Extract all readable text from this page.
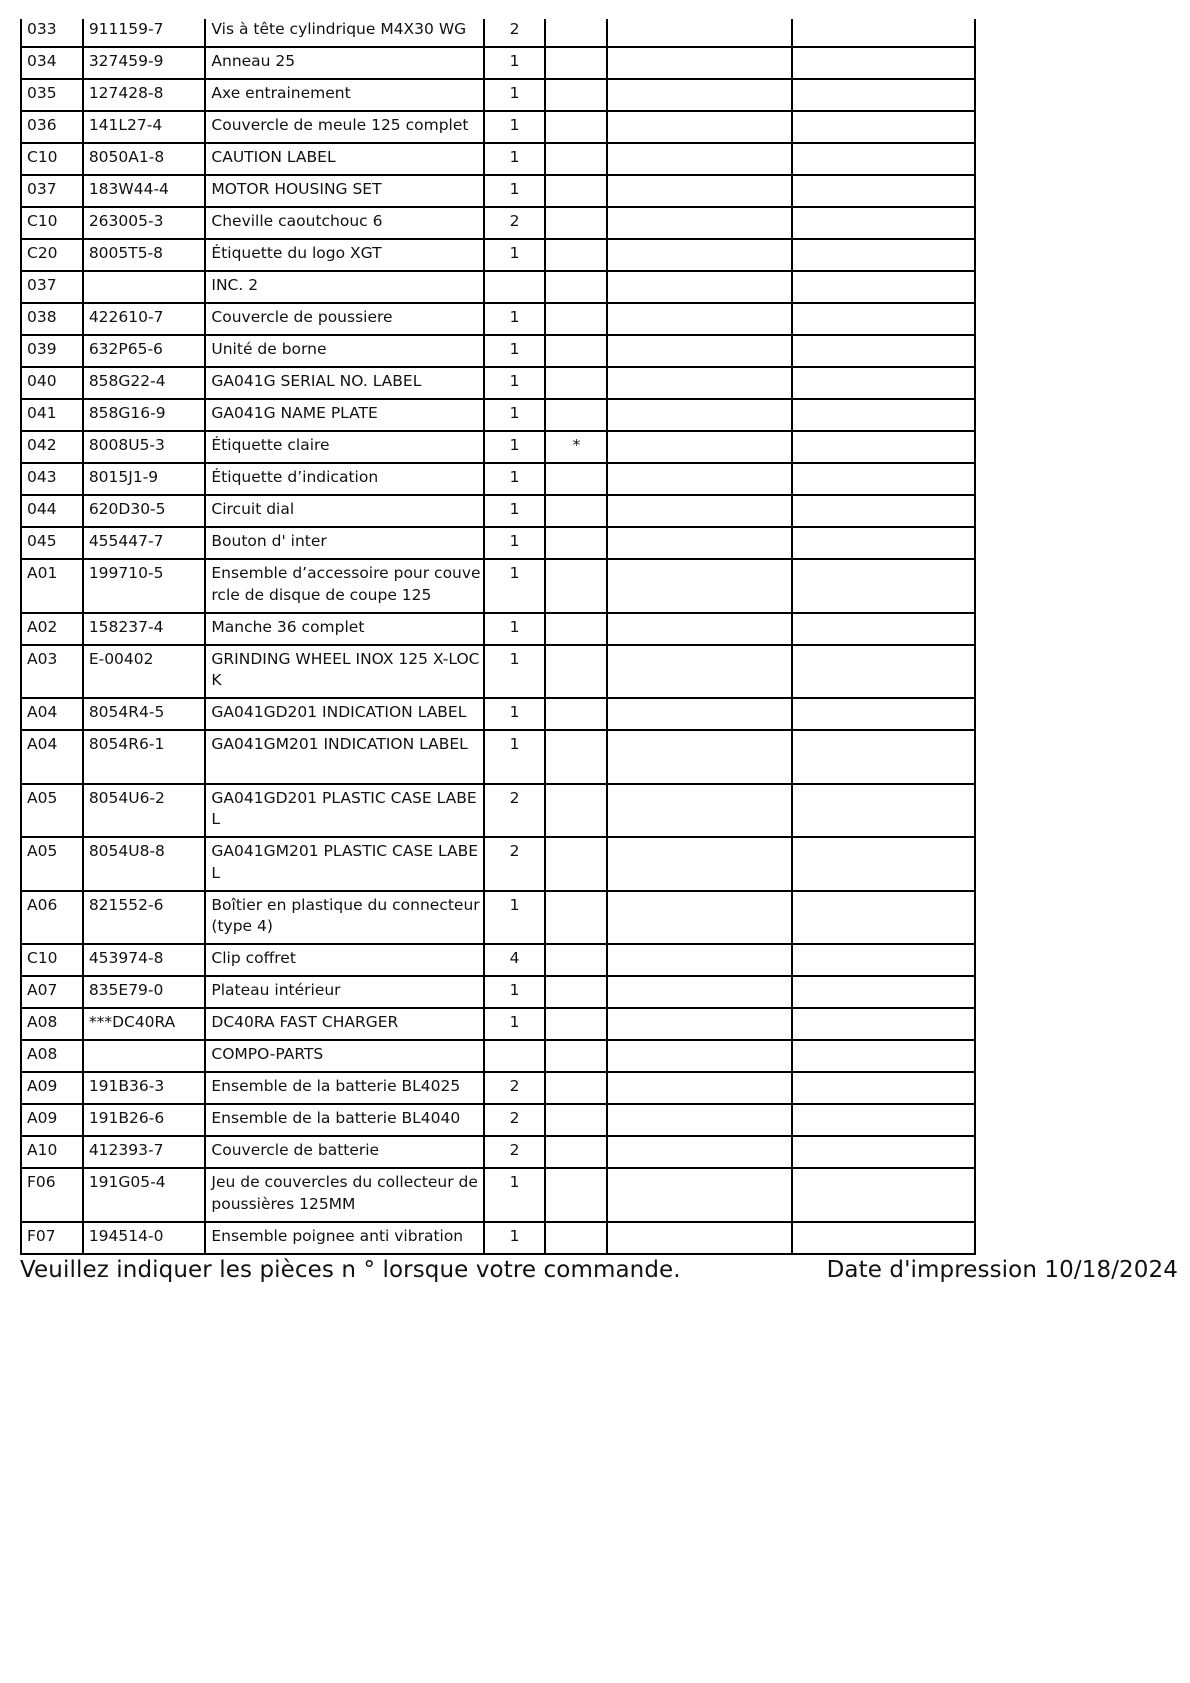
033	911159-7	Vis à tête cylindrique M4X30 WG	2			
034	327459-9	Anneau 25	1			
035	127428-8	Axe entrainement	1			
036	141L27-4	Couvercle de meule 125 complet	1			
C10	8050A1-8	CAUTION LABEL	1			
037	183W44-4	MOTOR HOUSING SET	1			
C10	263005-3	Cheville caoutchouc 6	2			
C20	8005T5-8	Étiquette du logo XGT	1			
037		INC. 2				
038	422610-7	Couvercle de poussiere	1			
039	632P65-6	Unité de borne	1			
040	858G22-4	GA041G SERIAL NO. LABEL	1			
041	858G16-9	GA041G NAME PLATE	1			
042	8008U5-3	Étiquette claire	1	*		
043	8015J1-9	Étiquette d’indication	1			
044	620D30-5	Circuit dial	1			
045	455447-7	Bouton d' inter	1			
A01	199710-5	Ensemble d’accessoire pour couvercle de disque de coupe 125	1			
A02	158237-4	Manche 36 complet	1			
A03	E-00402	GRINDING WHEEL INOX 125 X-LOCK	1			
A04	8054R4-5	GA041GD201 INDICATION LABEL	1			
A04	8054R6-1	GA041GM201 INDICATION LABEL	1			
A05	8054U6-2	GA041GD201 PLASTIC CASE LABEL	2			
A05	8054U8-8	GA041GM201 PLASTIC CASE LABEL	2			
A06	821552-6	Boîtier en plastique du connecteur (type 4)	1			
C10	453974-8	Clip coffret	4			
A07	835E79-0	Plateau intérieur	1			
A08	***DC40RA	DC40RA FAST CHARGER	1			
A08		COMPO-PARTS				
A09	191B36-3	Ensemble de la batterie BL4025	2			
A09	191B26-6	Ensemble de la batterie BL4040	2			
A10	412393-7	Couvercle de batterie	2			
F06	191G05-4	Jeu de couvercles du collecteur de poussières 125MM	1			
F07	194514-0	Ensemble poignee anti vibration	1			
Veuillez indiquer les pièces n ° lorsque votre commande.	Date d'impression 10/18/2024
